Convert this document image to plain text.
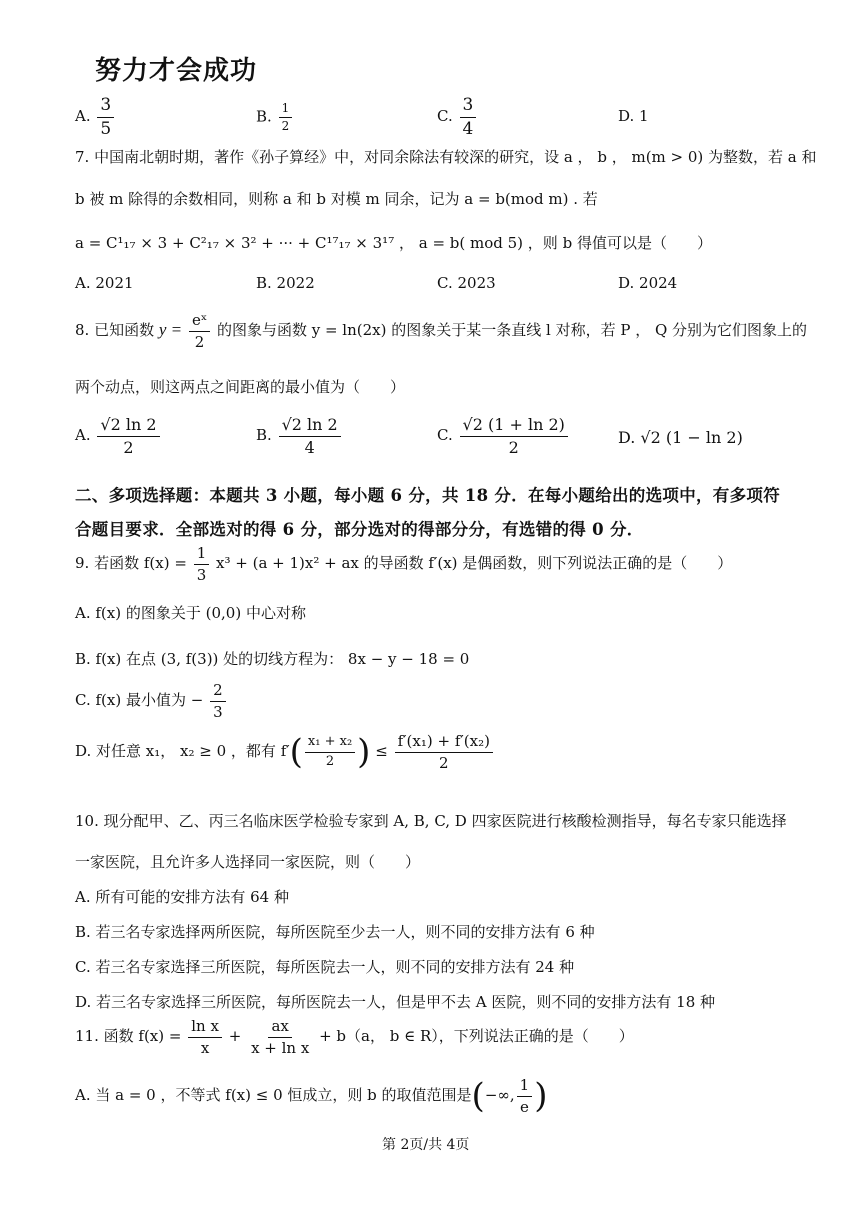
努力才会成功
A. $\frac{3}{5}$	B. $\frac{1}{2}$	C. $\frac{3}{4}$	D. 1
7. 中国南北朝时期，著作《孙子算经》中，对同余除法有较深的研究，设 a ， b ， m(m > 0) 为整数，若 a 和
b 被 m 除得的余数相同，则称 a 和 b 对模 m 同余，记为 a = b(mod m) . 若
a = C¹₁₇ × 3 + C²₁₇ × 3² + ··· + C¹⁷₁₇ × 3¹⁷ ， a = b( mod 5) ，则 b 得值可以是（　　）
A. 2021	B. 2022	C. 2023	D. 2024
8. 已知函数 $y = \frac{\text{eˣ}}{2}$ 的图象与函数 y = ln(2x) 的图象关于某一条直线 l 对称，若 P ， Q 分别为它们图象上的
两个动点，则这两点之间距离的最小值为（　　）
A. $\frac{√2 \ln 2}{2}$	B. $\frac{√2 \ln 2}{4}$	C. $\frac{√2 (1 + \ln 2)}{2}$	D. √2 (1 − ln 2)
二、多项选择题：本题共 3 小题，每小题 6 分，共 18 分．在每小题给出的选项中，有多项符
合题目要求．全部选对的得 6 分，部分选对的得部分分，有选错的得 0 分．
9. 若函数 $f(x) = \frac{1}{3} x^3 + (a + 1)x^2$ + ax 的导函数 f′(x) 是偶函数，则下列说法正确的是（　　）
A. f(x) 的图象关于 (0,0) 中心对称
B. f(x) 在点 (3, f(3)) 处的切线方程为： 8x − y − 18 = 0
C. f(x) 最小值为 − $\frac{2}{3}$
D. 对任意 x₁， x₂ ≥ 0 ，都有 $f'( \frac{\text{x₁ + x₂}}{2}$ ) ≤ $\frac{\text{f′(x₁) + f′(x₂)}}{2}$
10. 现分配甲、乙、丙三名临床医学检验专家到 A, B, C, D 四家医院进行核酸检测指导，每名专家只能选择
一家医院，且允许多人选择同一家医院，则（　　）
A. 所有可能的安排方法有 64 种
B. 若三名专家选择两所医院，每所医院至少去一人，则不同的安排方法有 6 种
C. 若三名专家选择三所医院，每所医院去一人，则不同的安排方法有 24 种
D. 若三名专家选择三所医院，每所医院去一人，但是甲不去 A 医院，则不同的安排方法有 18 种
11. 函数 $f(x) = \frac{\text{ln x}}{x} + \frac{ax}{\text{x + ln x}} + b(a$， b ∈ R），下列说法正确的是（　　）
A. 当 a = 0 ，不等式 f(x) ≤ 0 恒成立，则 b 的取值范围是(−∞, $\frac{1}{e}$ )
第 2页/共 4页
